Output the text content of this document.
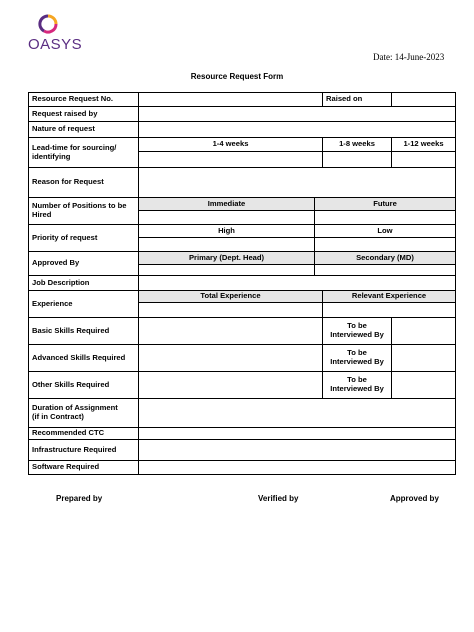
OASYS
Date: 14-June-2023
Resource Request Form
Resource Request No.			Raised on	
Request raised by				
Nature of request				
Lead-time for sourcing/ identifying	1-4 weeks		1-8 weeks	1-12 weeks

Reason for Request				
Number of Positions to be Hired	Immediate	Future		

Priority of request	High	Low		

Approved By	Primary (Dept. Head)	Secondary (MD)		

Job Description				
Experience	Total Experience		Relevant Experience	

Basic Skills Required			To be Interviewed By	
Advanced Skills Required			To be Interviewed By	
Other Skills Required			To be Interviewed By	
Duration of Assignment
(if in Contract)				
Recommended CTC				
Infrastructure Required				
Software Required				
Prepared by	Verified by	Approved by
